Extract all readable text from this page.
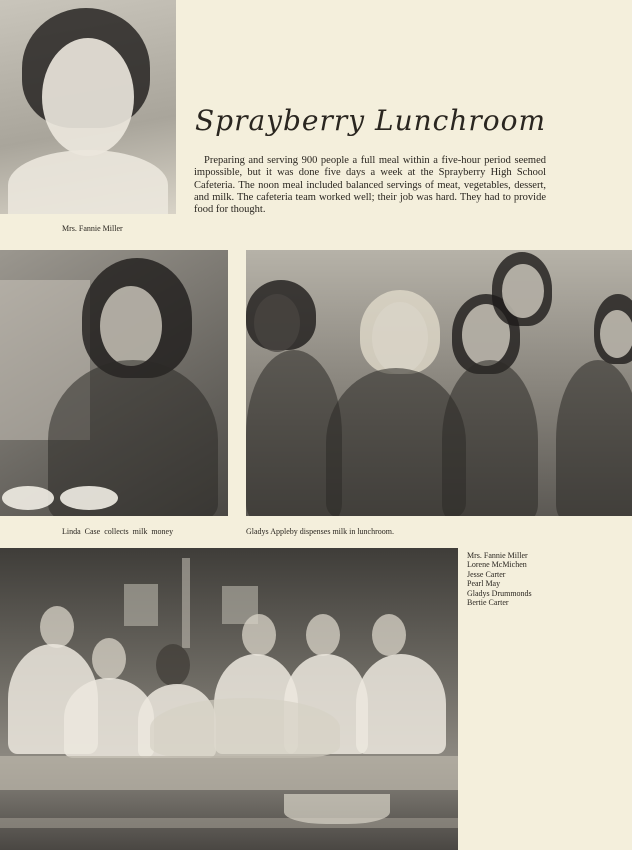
Mrs. Fannie Miller
Sprayberry Lunchroom

Preparing and serving 900 people a full meal within a five-hour period seemed impossible, but it was done five days a week at the Sprayberry High School Cafeteria. The noon meal included balanced servings of meat, vegetables, dessert, and milk. The cafeteria team worked well; their job was hard. They had to provide food for thought.

Linda  Case  collects  milk  money	Gladys Appleby dispenses milk in lunchroom.
Mrs. Fannie Miller
Lorene McMichen
Jesse Carter
Pearl May
Gladys Drummonds
Bertie Carter
